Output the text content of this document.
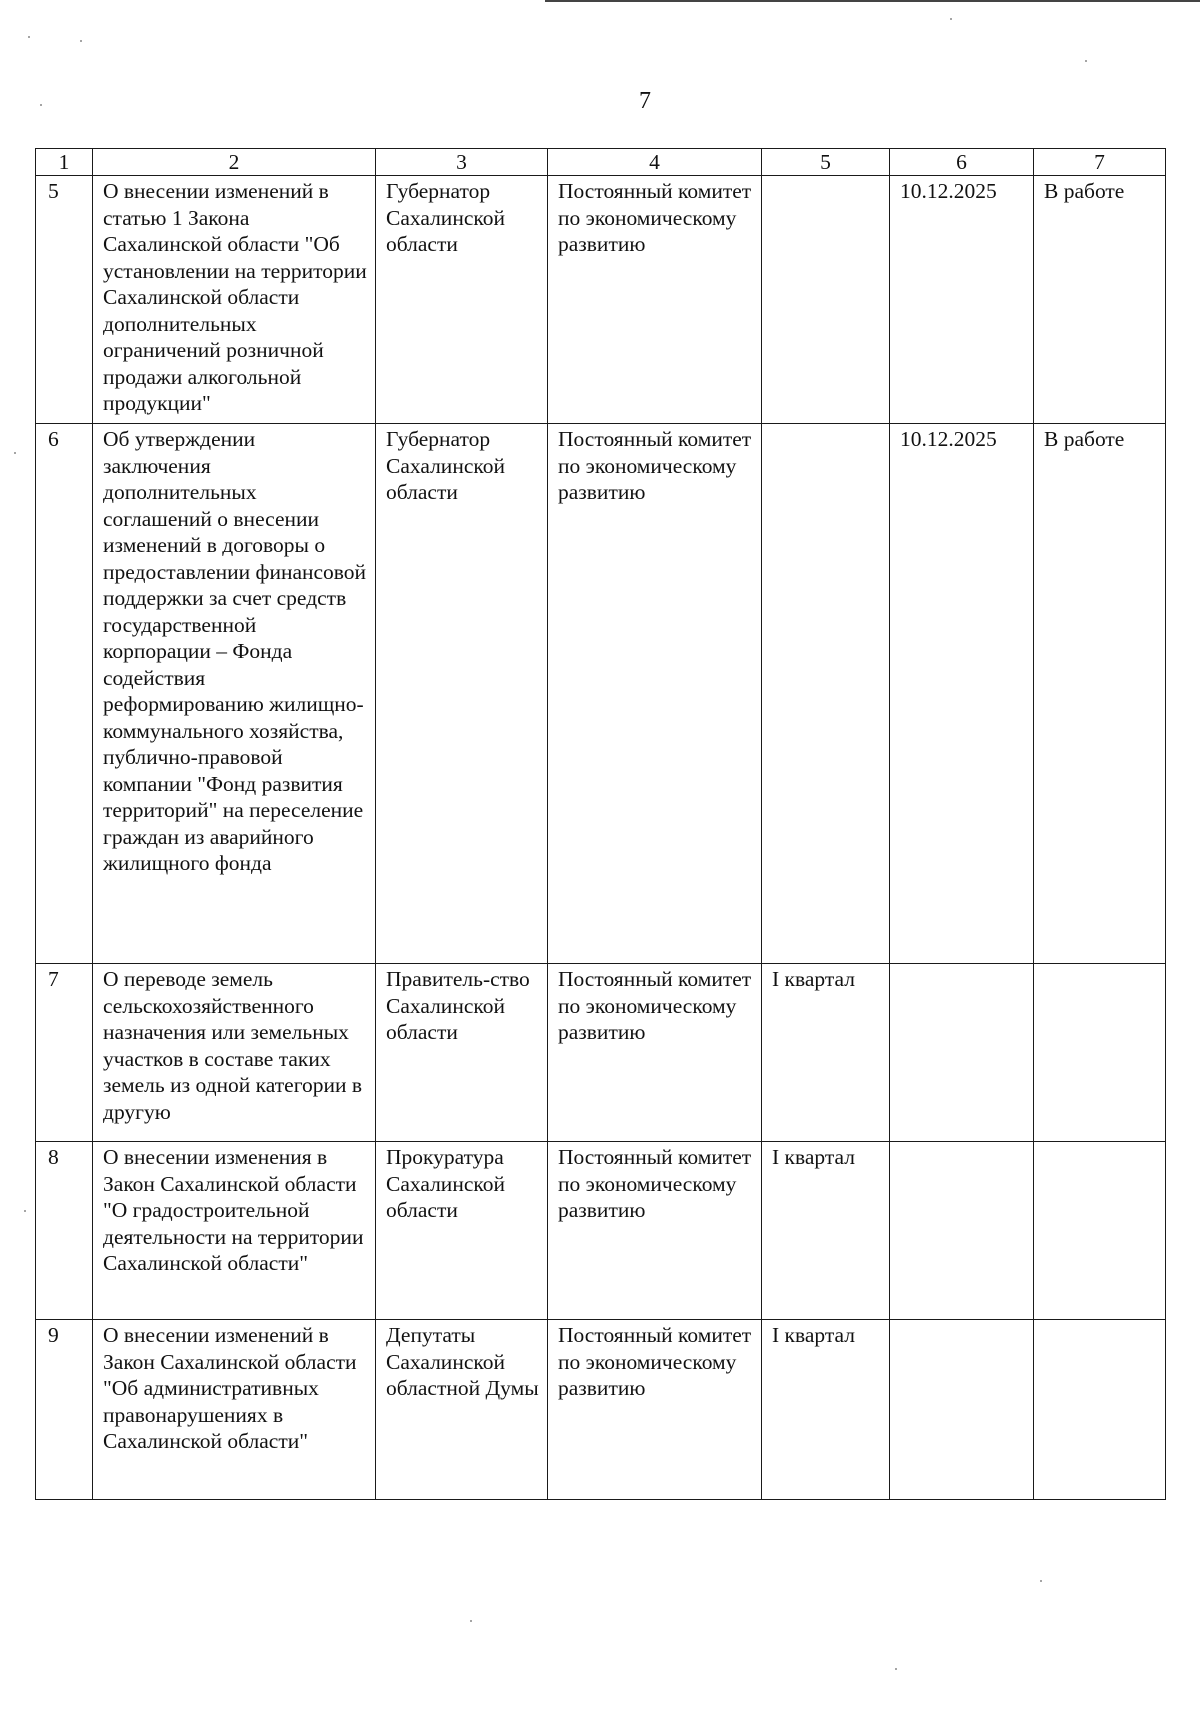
7
1	2	3	4	5	6	7
5	О внесении изменений в статью 1 Закона Сахалинской области "Об установлении на территории Сахалинской области дополнительных ограничений розничной продажи алкогольной продукции"	Губернатор Сахалинской области	Постоянный комитет по экономическому развитию		10.12.2025	В работе
6	Об утверждении заключения дополнительных соглашений о внесении изменений в договоры о предоставлении финансовой поддержки за счет средств государственной корпорации – Фонда содействия реформированию жилищно-коммунального хозяйства, публично-правовой компании "Фонд развития территорий" на переселение граждан из аварийного жилищного фонда	Губернатор Сахалинской области	Постоянный комитет по экономическому развитию		10.12.2025	В работе
7	О переводе земель сельскохозяйственного назначения или земельных участков в составе таких земель из одной категории в другую	Правитель-ство Сахалинской области	Постоянный комитет по экономическому развитию	I квартал		
8	О внесении изменения в Закон Сахалинской области "О градостроительной деятельности на территории Сахалинской области"	Прокуратура Сахалинской области	Постоянный комитет по экономическому развитию	I квартал		
9	О внесении изменений в Закон Сахалинской области "Об административных правонарушениях в Сахалинской области"	Депутаты Сахалинской областной Думы	Постоянный комитет по экономическому развитию	I квартал		
